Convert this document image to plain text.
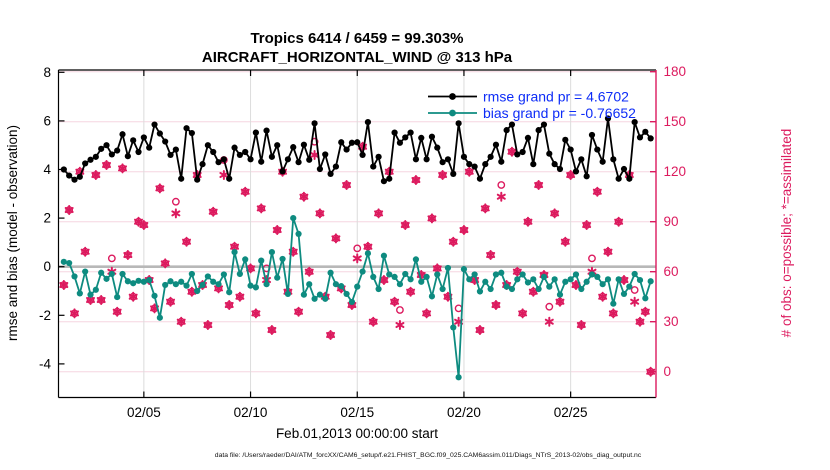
02/05	02/10	02/15	02/20	02/25
8
6
4
2
0
-2
-4
180
150
120
90
60
30
0
Tropics 6414 / 6459 = 99.303%
AIRCRAFT_HORIZONTAL_WIND @ 313 hPa
Feb.01,2013 00:00:00 start
rmse and bias (model - observation)	# of obs: o=possible; *=assimilated
rmse grand pr = 4.6702
bias grand pr = -0.76652
data file: /Users/raeder/DAI/ATM_forcXX/CAM6_setup/f.e21.FHIST_BGC.f09_025.CAM6assim.011/Diags_NTrS_2013-02/obs_diag_output.nc
